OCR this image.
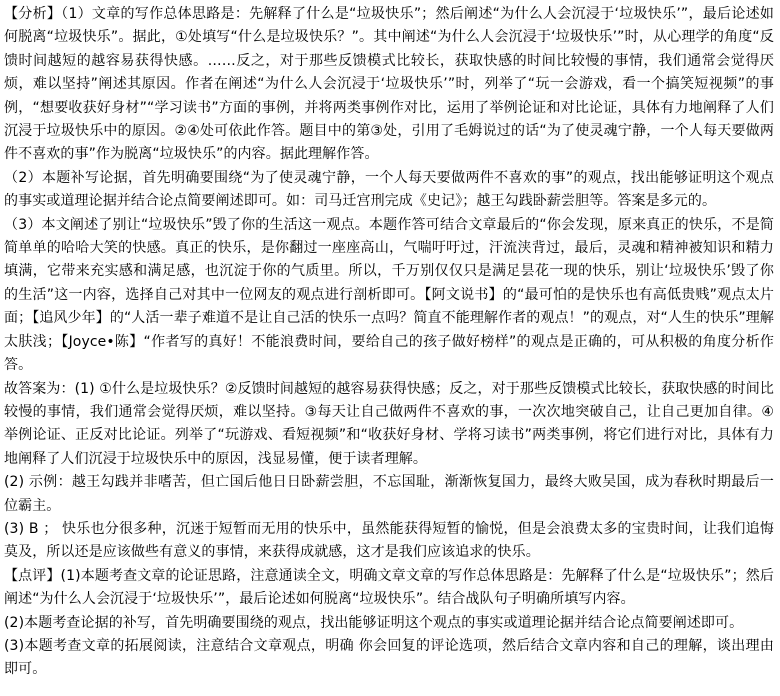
【分析】（1）文章的写作总体思路是：先解释了什么是“垃圾快乐”；然后阐述“为什么人会沉浸于‘垃圾快乐’”，最后论述如何脱离“垃圾快乐”。据此，①处填写“什么是垃圾快乐？”。其中阐述“为什么人会沉浸于‘垃圾快乐’”时，从心理学的角度“反馈时间越短的越容易获得快感。……反之，对于那些反馈模式比较长，获取快感的时间比较慢的事情，我们通常会觉得厌烦，难以坚持”阐述其原因。作者在阐述“为什么人会沉浸于‘垃圾快乐’”时，列举了“玩一会游戏，看一个搞笑短视频”的事例，“想要收获好身材”“学习读书”方面的事例，并将两类事例作对比，运用了举例论证和对比论证，具体有力地阐释了人们沉浸于垃圾快乐中的原因。②④处可依此作答。题目中的第③处，引用了毛姆说过的话“为了使灵魂宁静，一个人每天要做两件不喜欢的事”作为脱离“垃圾快乐”的内容。据此理解作答。

（2）本题补写论据，首先明确要围绕“为了使灵魂宁静，一个人每天要做两件不喜欢的事”的观点，找出能够证明这个观点的事实或道理论据并结合论点简要阐述即可。如：司马迁宫刑完成《史记》；越王勾践卧薪尝胆等。答案是多元的。

（3）本文阐述了别让“垃圾快乐”毁了你的生活这一观点。本题作答可结合文章最后的“你会发现，原来真正的快乐，不是简简单单的哈哈大笑的快感。真正的快乐，是你翻过一座座高山，气喘吁吁过，汗流浃背过，最后，灵魂和精神被知识和精力填满，它带来充实感和满足感，也沉淀于你的气质里。所以，千万别仅仅只是满足昙花一现的快乐，别让‘垃圾快乐’毁了你的生活”这一内容，选择自己对其中一位网友的观点进行剖析即可。【阿文说书】的“最可怕的是快乐也有高低贵贱”观点太片面；【追风少年】的“人活一辈子难道不是让自己活的快乐一点吗？简直不能理解作者的观点！”的观点，对“人生的快乐”理解太肤浅；【Joyce•陈】“作者写的真好！不能浪费时间，要给自己的孩子做好榜样”的观点是正确的，可从积极的角度分析作答。

故答案为：(1) ①什么是垃圾快乐？②反馈时间越短的越容易获得快感；反之，对于那些反馈模式比较长，获取快感的时间比较慢的事情，我们通常会觉得厌烦，难以坚持。③每天让自己做两件不喜欢的事，一次次地突破自己，让自己更加自律。④举例论证、正反对比论证。列举了“玩游戏、看短视频”和“收获好身材、学将习读书”两类事例，将它们进行对比，具体有力地阐释了人们沉浸于垃圾快乐中的原因，浅显易懂，便于读者理解。

(2) 示例：越王勾践并非嗜苦，但亡国后他日日卧薪尝胆，不忘国耻，渐渐恢复国力，最终大败吴国，成为春秋时期最后一位霸主。

(3) B ； 快乐也分很多种，沉迷于短暂而无用的快乐中，虽然能获得短暂的愉悦，但是会浪费太多的宝贵时间，让我们追悔莫及，所以还是应该做些有意义的事情，来获得成就感，这才是我们应该追求的快乐。

【点评】(1)本题考查文章的论证思路，注意通读全文，明确文章文章的写作总体思路是：先解释了什么是“垃圾快乐”；然后阐述“为什么人会沉浸于‘垃圾快乐’”，最后论述如何脱离“垃圾快乐”。结合战队句子明确所填写内容。

(2)本题考查论据的补写，首先明确要围绕的观点，找出能够证明这个观点的事实或道理论据并结合论点简要阐述即可。

(3)本题考查文章的拓展阅读，注意结合文章观点，明确 你会回复的评论选项，然后结合文章内容和自己的理解，谈出理由即可。
